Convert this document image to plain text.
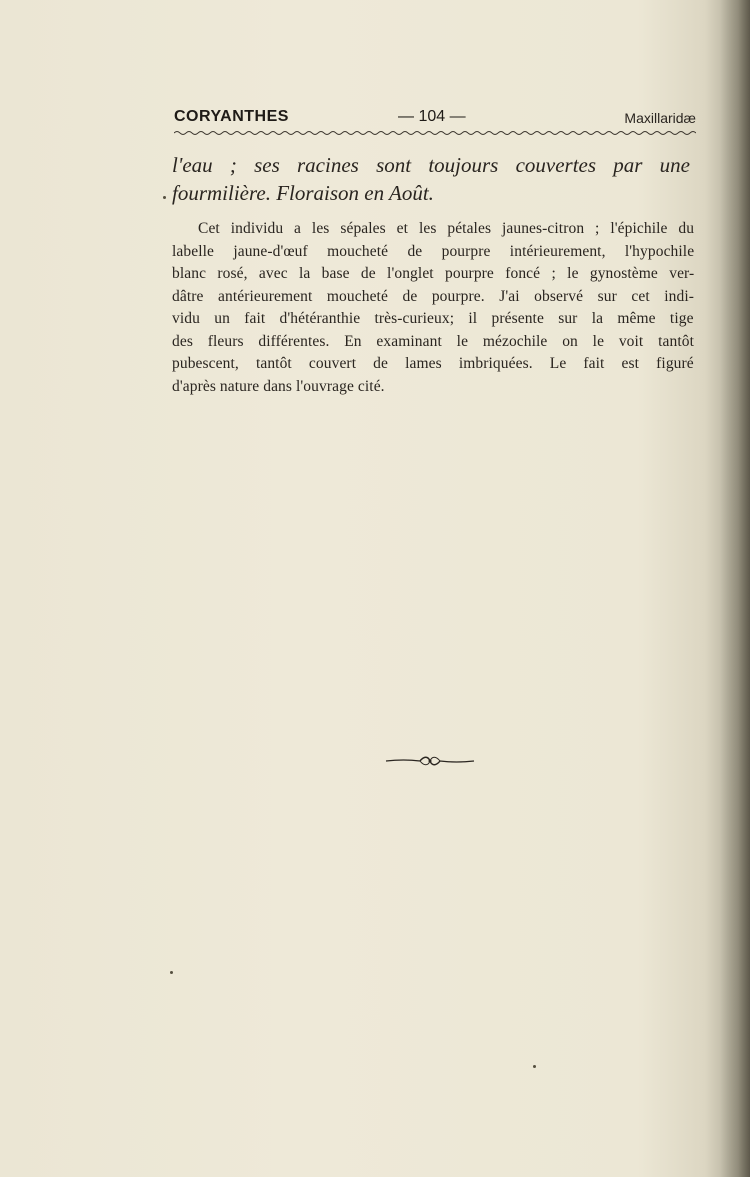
CORYANTHES	— 104 —	Maxillaridæ

l'eau ; ses racines sont toujours couvertes par une

fourmilière. Floraison en Août.

Cet individu a les sépales et les pétales jaunes-citron ; l'épichile du

labelle jaune-d'œuf moucheté de pourpre intérieurement, l'hypochile

blanc rosé, avec la base de l'onglet pourpre foncé ; le gynostème ver-

dâtre antérieurement moucheté de pourpre. J'ai observé sur cet indi-

vidu un fait d'hétéranthie très-curieux; il présente sur la même tige

des fleurs différentes. En examinant le mézochile on le voit tantôt

pubescent, tantôt couvert de lames imbriquées. Le fait est figuré

d'après nature dans l'ouvrage cité.
